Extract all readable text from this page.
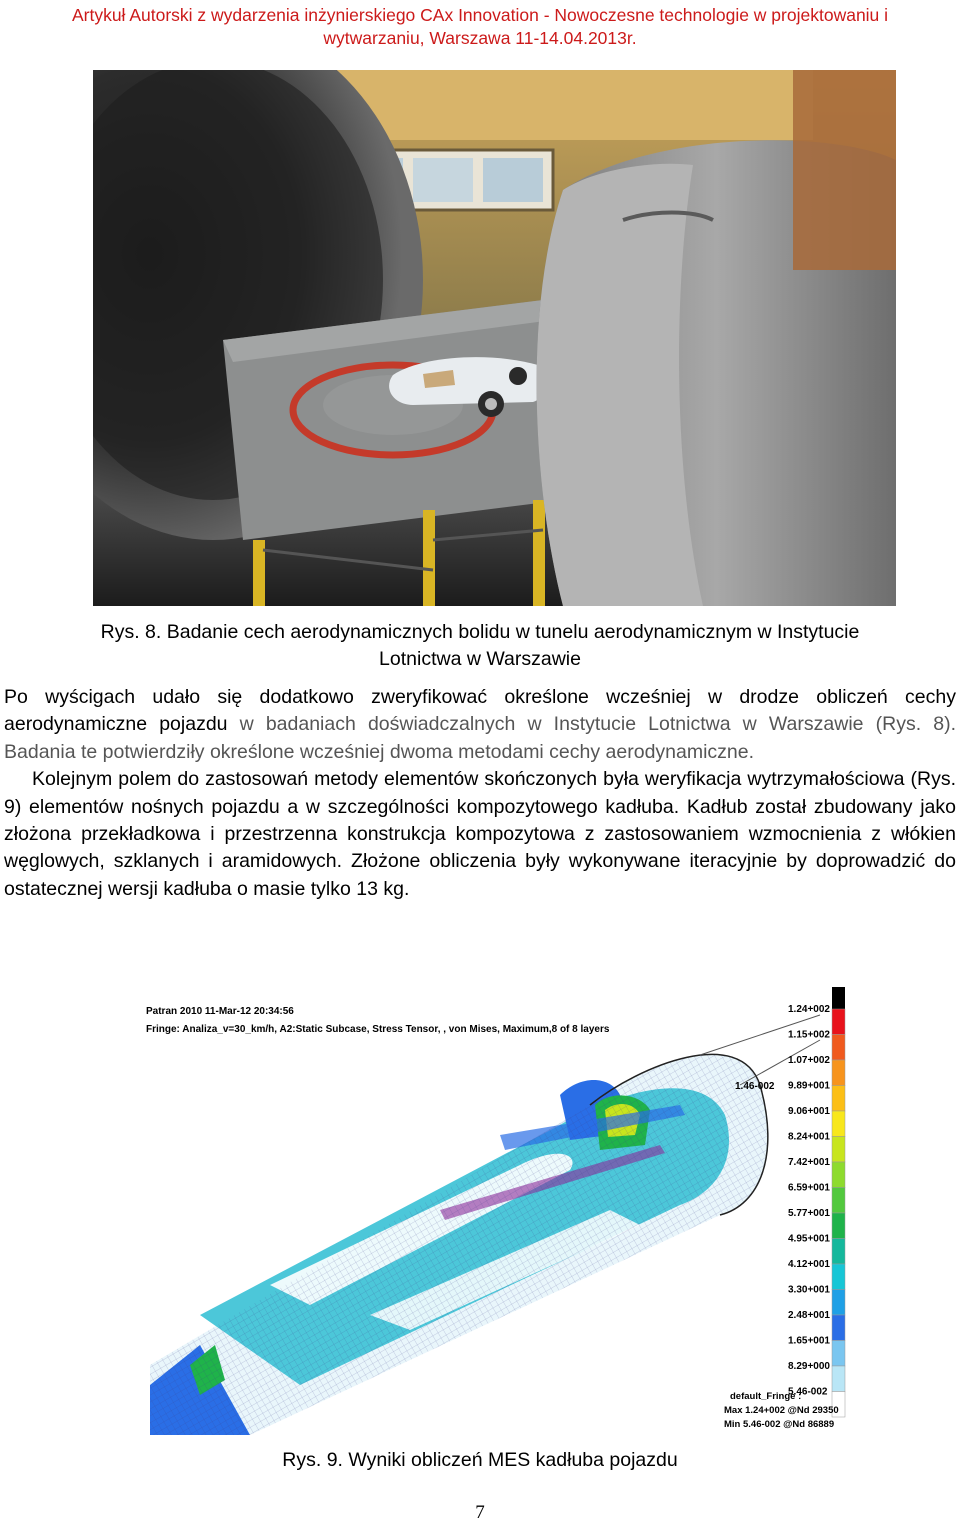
Artykuł Autorski z wydarzenia inżynierskiego CAx Innovation - Nowoczesne technologie w projektowaniu i
wytwarzaniu, Warszawa 11-14.04.2013r.
Rys. 8. Badanie cech aerodynamicznych bolidu w tunelu aerodynamicznym w Instytucie
Lotnictwa w Warszawie

Po wyścigach udało się dodatkowo zweryfikować określone wcześniej w drodze obliczeń cechy aerodynamiczne pojazdu w badaniach doświadczalnych w Instytucie Lotnictwa w Warszawie (Rys. 8). Badania te potwierdziły określone wcześniej dwoma metodami cechy aerodynamiczne.

Kolejnym polem do zastosowań metody elementów skończonych była weryfikacja wytrzymałościowa (Rys. 9) elementów nośnych pojazdu a w szczególności kompozytowego kadłuba. Kadłub został zbudowany jako złożona przekładkowa i przestrzenna konstrukcja kompozytowa z zastosowaniem wzmocnienia z włókien węglowych, szklanych i aramidowych. Złożone obliczenia były wykonywane iteracyjnie by doprowadzić do ostatecznej wersji kadłuba o masie tylko 13 kg.

Patran 2010 11-Mar-12 20:34:56
Fringe: Analiza_v=30_km/h, A2:Static Subcase, Stress Tensor, , von Mises, Maximum,8 of 8 layers
1.46-002
1.24+002
1.15+002
1.07+002
9.89+001
9.06+001
8.24+001
7.42+001
6.59+001
5.77+001
4.95+001
4.12+001
3.30+001
2.48+001
1.65+001
8.29+000
5.46-002
default_Fringe :
Max 1.24+002 @Nd 29350
Min 5.46-002 @Nd 86889
Rys. 9. Wyniki obliczeń MES kadłuba pojazdu
7
